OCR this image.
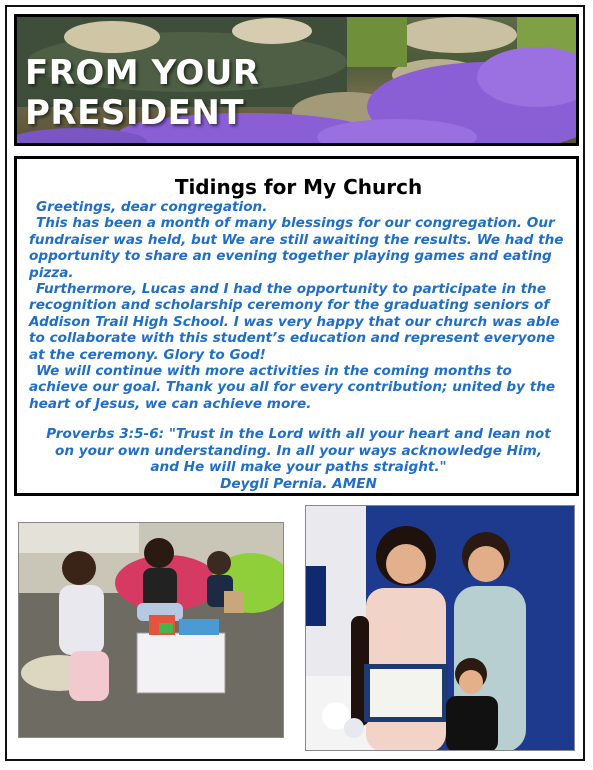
FROM YOUR
PRESIDENT
Tidings for My Church

Greetings, dear congregation.

This has been a month of many blessings for our congregation. Our fundraiser was held, but We are still awaiting the results. We had the opportunity to share an evening together playing games and eating pizza.

Furthermore, Lucas and I had the opportunity to participate in the recognition and scholarship ceremony for the graduating seniors of Addison Trail High School. I was very happy that our church was able to collaborate with this student’s education and represent everyone at the ceremony. Glory to God!

We will continue with more activities in the coming months to achieve our goal. Thank you all for every contribution; united by the heart of Jesus, we can achieve more.

Proverbs 3:5-6: "Trust in the Lord with all your heart and lean not
on your own understanding. In all your ways acknowledge Him,
and He will make your paths straight."
Deygli Pernia. AMEN
